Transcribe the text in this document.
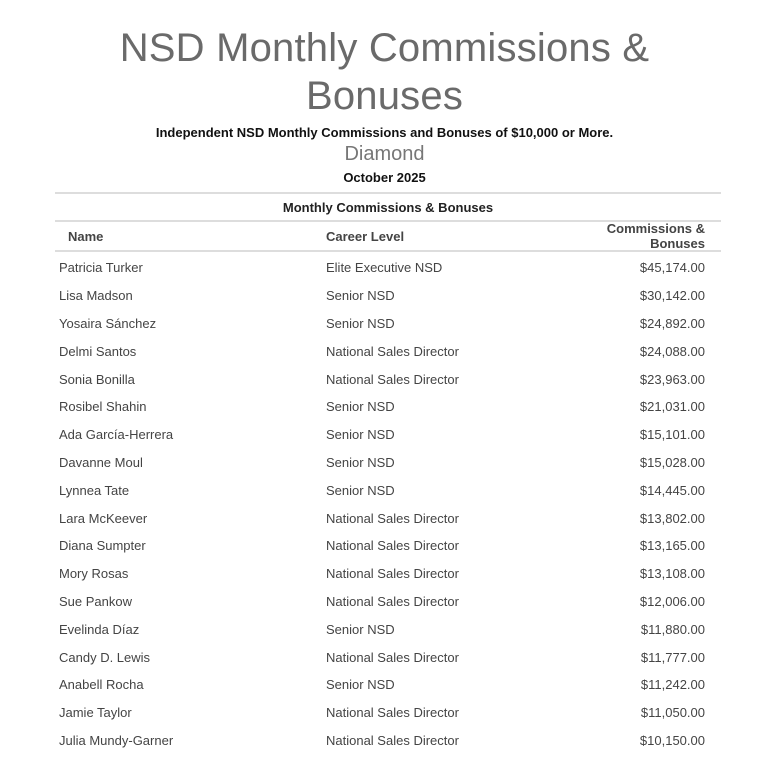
NSD Monthly Commissions &
Bonuses
Independent NSD Monthly Commissions and Bonuses of $10,000 or More.
Diamond
October 2025
Monthly Commissions & Bonuses
Name	Career Level	Commissions & Bonuses
Patricia Turker	Elite Executive NSD	$45,174.00
Lisa Madson	Senior NSD	$30,142.00
Yosaira Sánchez	Senior NSD	$24,892.00
Delmi Santos	National Sales Director	$24,088.00
Sonia Bonilla	National Sales Director	$23,963.00
Rosibel Shahin	Senior NSD	$21,031.00
Ada García-Herrera	Senior NSD	$15,101.00
Davanne Moul	Senior NSD	$15,028.00
Lynnea Tate	Senior NSD	$14,445.00
Lara McKeever	National Sales Director	$13,802.00
Diana Sumpter	National Sales Director	$13,165.00
Mory Rosas	National Sales Director	$13,108.00
Sue Pankow	National Sales Director	$12,006.00
Evelinda Díaz	Senior NSD	$11,880.00
Candy D. Lewis	National Sales Director	$11,777.00
Anabell Rocha	Senior NSD	$11,242.00
Jamie Taylor	National Sales Director	$11,050.00
Julia Mundy-Garner	National Sales Director	$10,150.00
